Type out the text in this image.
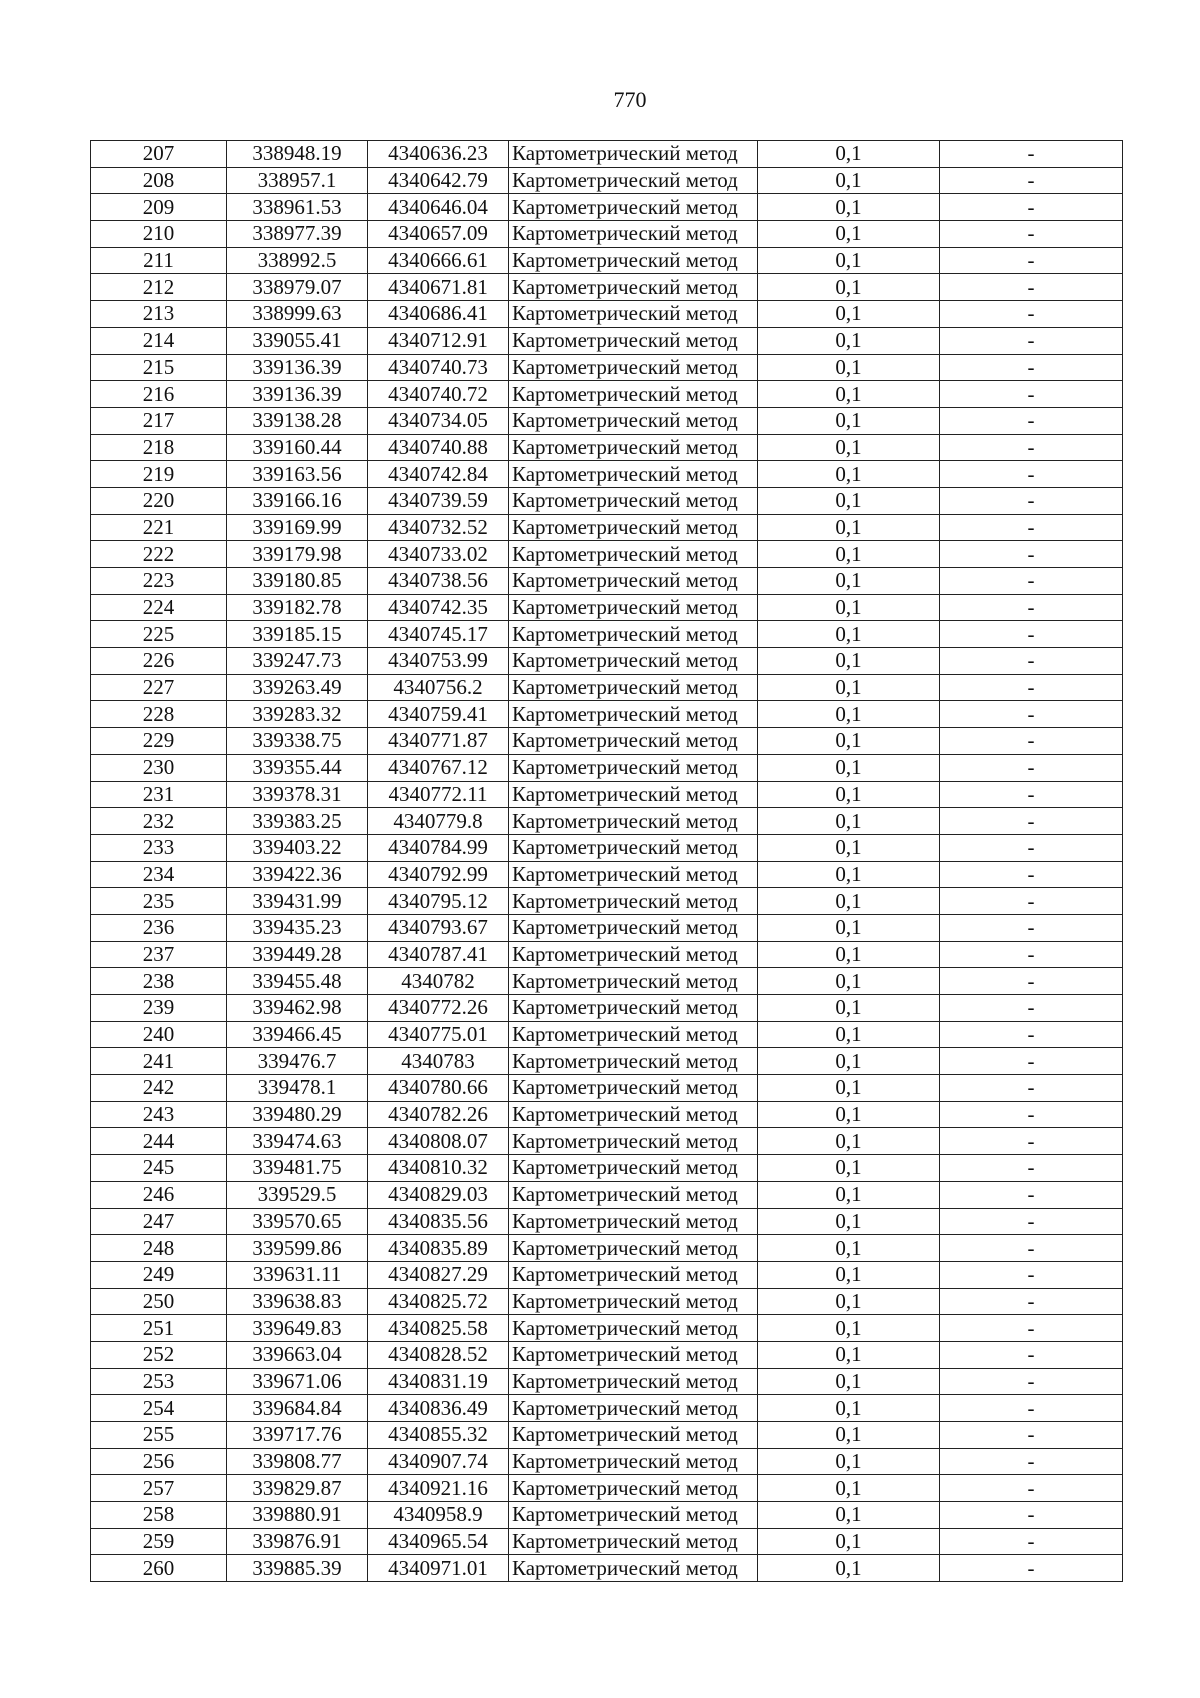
770
207	338948.19	4340636.23	Картометрический метод	0,1	-
208	338957.1	4340642.79	Картометрический метод	0,1	-
209	338961.53	4340646.04	Картометрический метод	0,1	-
210	338977.39	4340657.09	Картометрический метод	0,1	-
211	338992.5	4340666.61	Картометрический метод	0,1	-
212	338979.07	4340671.81	Картометрический метод	0,1	-
213	338999.63	4340686.41	Картометрический метод	0,1	-
214	339055.41	4340712.91	Картометрический метод	0,1	-
215	339136.39	4340740.73	Картометрический метод	0,1	-
216	339136.39	4340740.72	Картометрический метод	0,1	-
217	339138.28	4340734.05	Картометрический метод	0,1	-
218	339160.44	4340740.88	Картометрический метод	0,1	-
219	339163.56	4340742.84	Картометрический метод	0,1	-
220	339166.16	4340739.59	Картометрический метод	0,1	-
221	339169.99	4340732.52	Картометрический метод	0,1	-
222	339179.98	4340733.02	Картометрический метод	0,1	-
223	339180.85	4340738.56	Картометрический метод	0,1	-
224	339182.78	4340742.35	Картометрический метод	0,1	-
225	339185.15	4340745.17	Картометрический метод	0,1	-
226	339247.73	4340753.99	Картометрический метод	0,1	-
227	339263.49	4340756.2	Картометрический метод	0,1	-
228	339283.32	4340759.41	Картометрический метод	0,1	-
229	339338.75	4340771.87	Картометрический метод	0,1	-
230	339355.44	4340767.12	Картометрический метод	0,1	-
231	339378.31	4340772.11	Картометрический метод	0,1	-
232	339383.25	4340779.8	Картометрический метод	0,1	-
233	339403.22	4340784.99	Картометрический метод	0,1	-
234	339422.36	4340792.99	Картометрический метод	0,1	-
235	339431.99	4340795.12	Картометрический метод	0,1	-
236	339435.23	4340793.67	Картометрический метод	0,1	-
237	339449.28	4340787.41	Картометрический метод	0,1	-
238	339455.48	4340782	Картометрический метод	0,1	-
239	339462.98	4340772.26	Картометрический метод	0,1	-
240	339466.45	4340775.01	Картометрический метод	0,1	-
241	339476.7	4340783	Картометрический метод	0,1	-
242	339478.1	4340780.66	Картометрический метод	0,1	-
243	339480.29	4340782.26	Картометрический метод	0,1	-
244	339474.63	4340808.07	Картометрический метод	0,1	-
245	339481.75	4340810.32	Картометрический метод	0,1	-
246	339529.5	4340829.03	Картометрический метод	0,1	-
247	339570.65	4340835.56	Картометрический метод	0,1	-
248	339599.86	4340835.89	Картометрический метод	0,1	-
249	339631.11	4340827.29	Картометрический метод	0,1	-
250	339638.83	4340825.72	Картометрический метод	0,1	-
251	339649.83	4340825.58	Картометрический метод	0,1	-
252	339663.04	4340828.52	Картометрический метод	0,1	-
253	339671.06	4340831.19	Картометрический метод	0,1	-
254	339684.84	4340836.49	Картометрический метод	0,1	-
255	339717.76	4340855.32	Картометрический метод	0,1	-
256	339808.77	4340907.74	Картометрический метод	0,1	-
257	339829.87	4340921.16	Картометрический метод	0,1	-
258	339880.91	4340958.9	Картометрический метод	0,1	-
259	339876.91	4340965.54	Картометрический метод	0,1	-
260	339885.39	4340971.01	Картометрический метод	0,1	-
